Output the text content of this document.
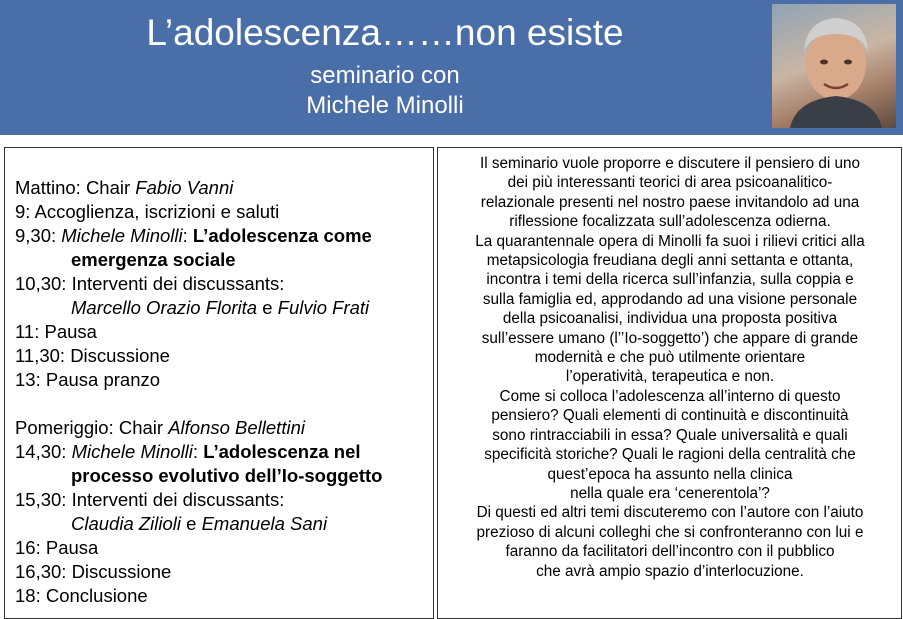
L’adolescenza……non esiste
seminario con
Michele Minolli
Mattino: Chair Fabio Vanni
9: Accoglienza, iscrizioni e saluti
9,30: Michele Minolli: L’adolescenza come
emergenza sociale
10,30: Interventi dei discussants:
Marcello Orazio Florita e Fulvio Frati
11: Pausa
11,30: Discussione
13: Pausa pranzo
Pomeriggio: Chair Alfonso Bellettini
14,30: Michele Minolli: L’adolescenza nel
processo evolutivo dell’Io-soggetto
15,30: Interventi dei discussants:
Claudia Zilioli e Emanuela Sani
16: Pausa
16,30: Discussione
18: Conclusione
Il seminario vuole proporre e discutere il pensiero di uno
dei più interessanti teorici di area psicoanalitico-
relazionale presenti nel nostro paese invitandolo ad una
riflessione focalizzata sull’adolescenza odierna.
La quarantennale opera di Minolli fa suoi i rilievi critici alla
metapsicologia freudiana degli anni settanta e ottanta,
incontra i temi della ricerca sull’infanzia, sulla coppia e
sulla famiglia ed, approdando ad una visione personale
della psicoanalisi, individua una proposta positiva
sull’essere umano (l’’Io-soggetto’) che appare di grande
modernità e che può utilmente orientare
l’operatività, terapeutica e non.
Come si colloca l’adolescenza all’interno di questo
pensiero? Quali elementi di continuità e discontinuità
sono rintracciabili in essa? Quale universalità e quali
specificità storiche? Quali le ragioni della centralità che
quest’epoca ha assunto nella clinica
nella quale era ‘cenerentola’?
Di questi ed altri temi discuteremo con l’autore con l’aiuto
prezioso di alcuni colleghi che si confronteranno con lui e
faranno da facilitatori dell’incontro con il pubblico
che avrà ampio spazio d’interlocuzione.
